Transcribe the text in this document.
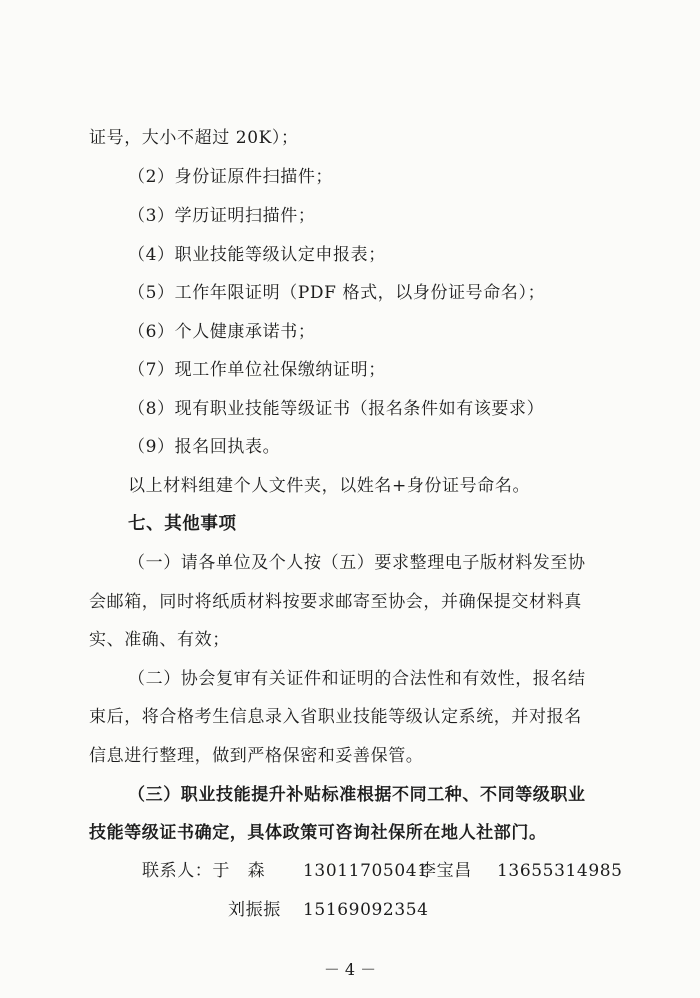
证号，大小不超过 20K）；
（2）身份证原件扫描件；
（3）学历证明扫描件；
（4）职业技能等级认定申报表；
（5）工作年限证明（PDF 格式，以身份证号命名）；
（6）个人健康承诺书；
（7）现工作单位社保缴纳证明；
（8）现有职业技能等级证书（报名条件如有该要求）
（9）报名回执表。
以上材料组建个人文件夹，以姓名+身份证号命名。
七、其他事项
（一）请各单位及个人按（五）要求整理电子版材料发至协
会邮箱，同时将纸质材料按要求邮寄至协会，并确保提交材料真
实、准确、有效；
（二）协会复审有关证件和证明的合法性和有效性，报名结
束后，将合格考生信息录入省职业技能等级认定系统，并对报名
信息进行整理，做到严格保密和妥善保管。
（三）职业技能提升补贴标准根据不同工种、不同等级职业
技能等级证书确定，具体政策可咨询社保所在地人社部门。
联系人：于　森 13011705041
李宝昌 13655314985
刘振振 15169092354
－ 4 －
